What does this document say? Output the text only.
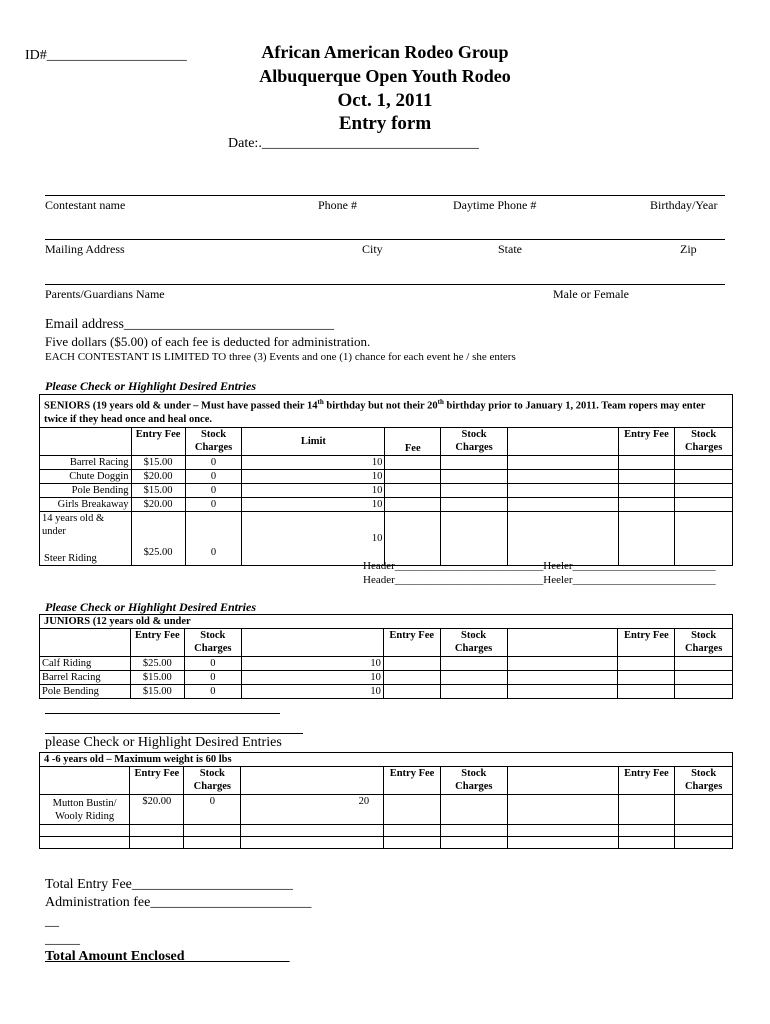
ID#____________________	African American Rodeo Group
Albuquerque Open Youth Rodeo
Oct. 1, 2011
Entry form
Date:._______________________________
Contestant name	Phone #	Daytime Phone #	Birthday/Year
Mailing Address	City	State	Zip
Parents/Guardians Name	Male or Female
Email address______________________________
Five dollars ($5.00) of each fee is deducted for administration.
EACH CONTESTANT IS LIMITED TO three (3) Events and one (1) chance for each event he / she enters
Please Check or Highlight Desired Entries
SENIORS (19 years old & under – Must have passed their 14th birthday but not their 20th birthday prior to January 1, 2011. Team ropers may enter twice if they head once and heal once.								
	Entry Fee	Stock Charges	Limit	Fee	Stock Charges		Entry Fee	Stock Charges
Barrel Racing	$15.00	0	10					
Chute Doggin	$20.00	0	10					
Pole Bending	$15.00	0	10					
Girls Breakaway	$20.00	0	10					

14 years old & under
Steer Riding	$25.00	0	10					
Header___________________________Heeler__________________________
Header___________________________Heeler__________________________
Please Check or Highlight Desired Entries
JUNIORS (12 years old & under								
	Entry Fee	Stock Charges		Entry Fee	Stock Charges		Entry Fee	Stock Charges
Calf Riding	$25.00	0	10					
Barrel Racing	$15.00	0	10					
Pole Bending	$15.00	0	10					
please Check or Highlight Desired Entries
4 -6 years old – Maximum weight is 60 lbs								
	Entry Fee	Stock Charges		Entry Fee	Stock Charges		Entry Fee	Stock Charges
Mutton Bustin/ Wooly Riding	$20.00	0	20					

Total Entry Fee_______________________
Administration fee_______________________
__
_____
Total Amount Enclosed_______________
